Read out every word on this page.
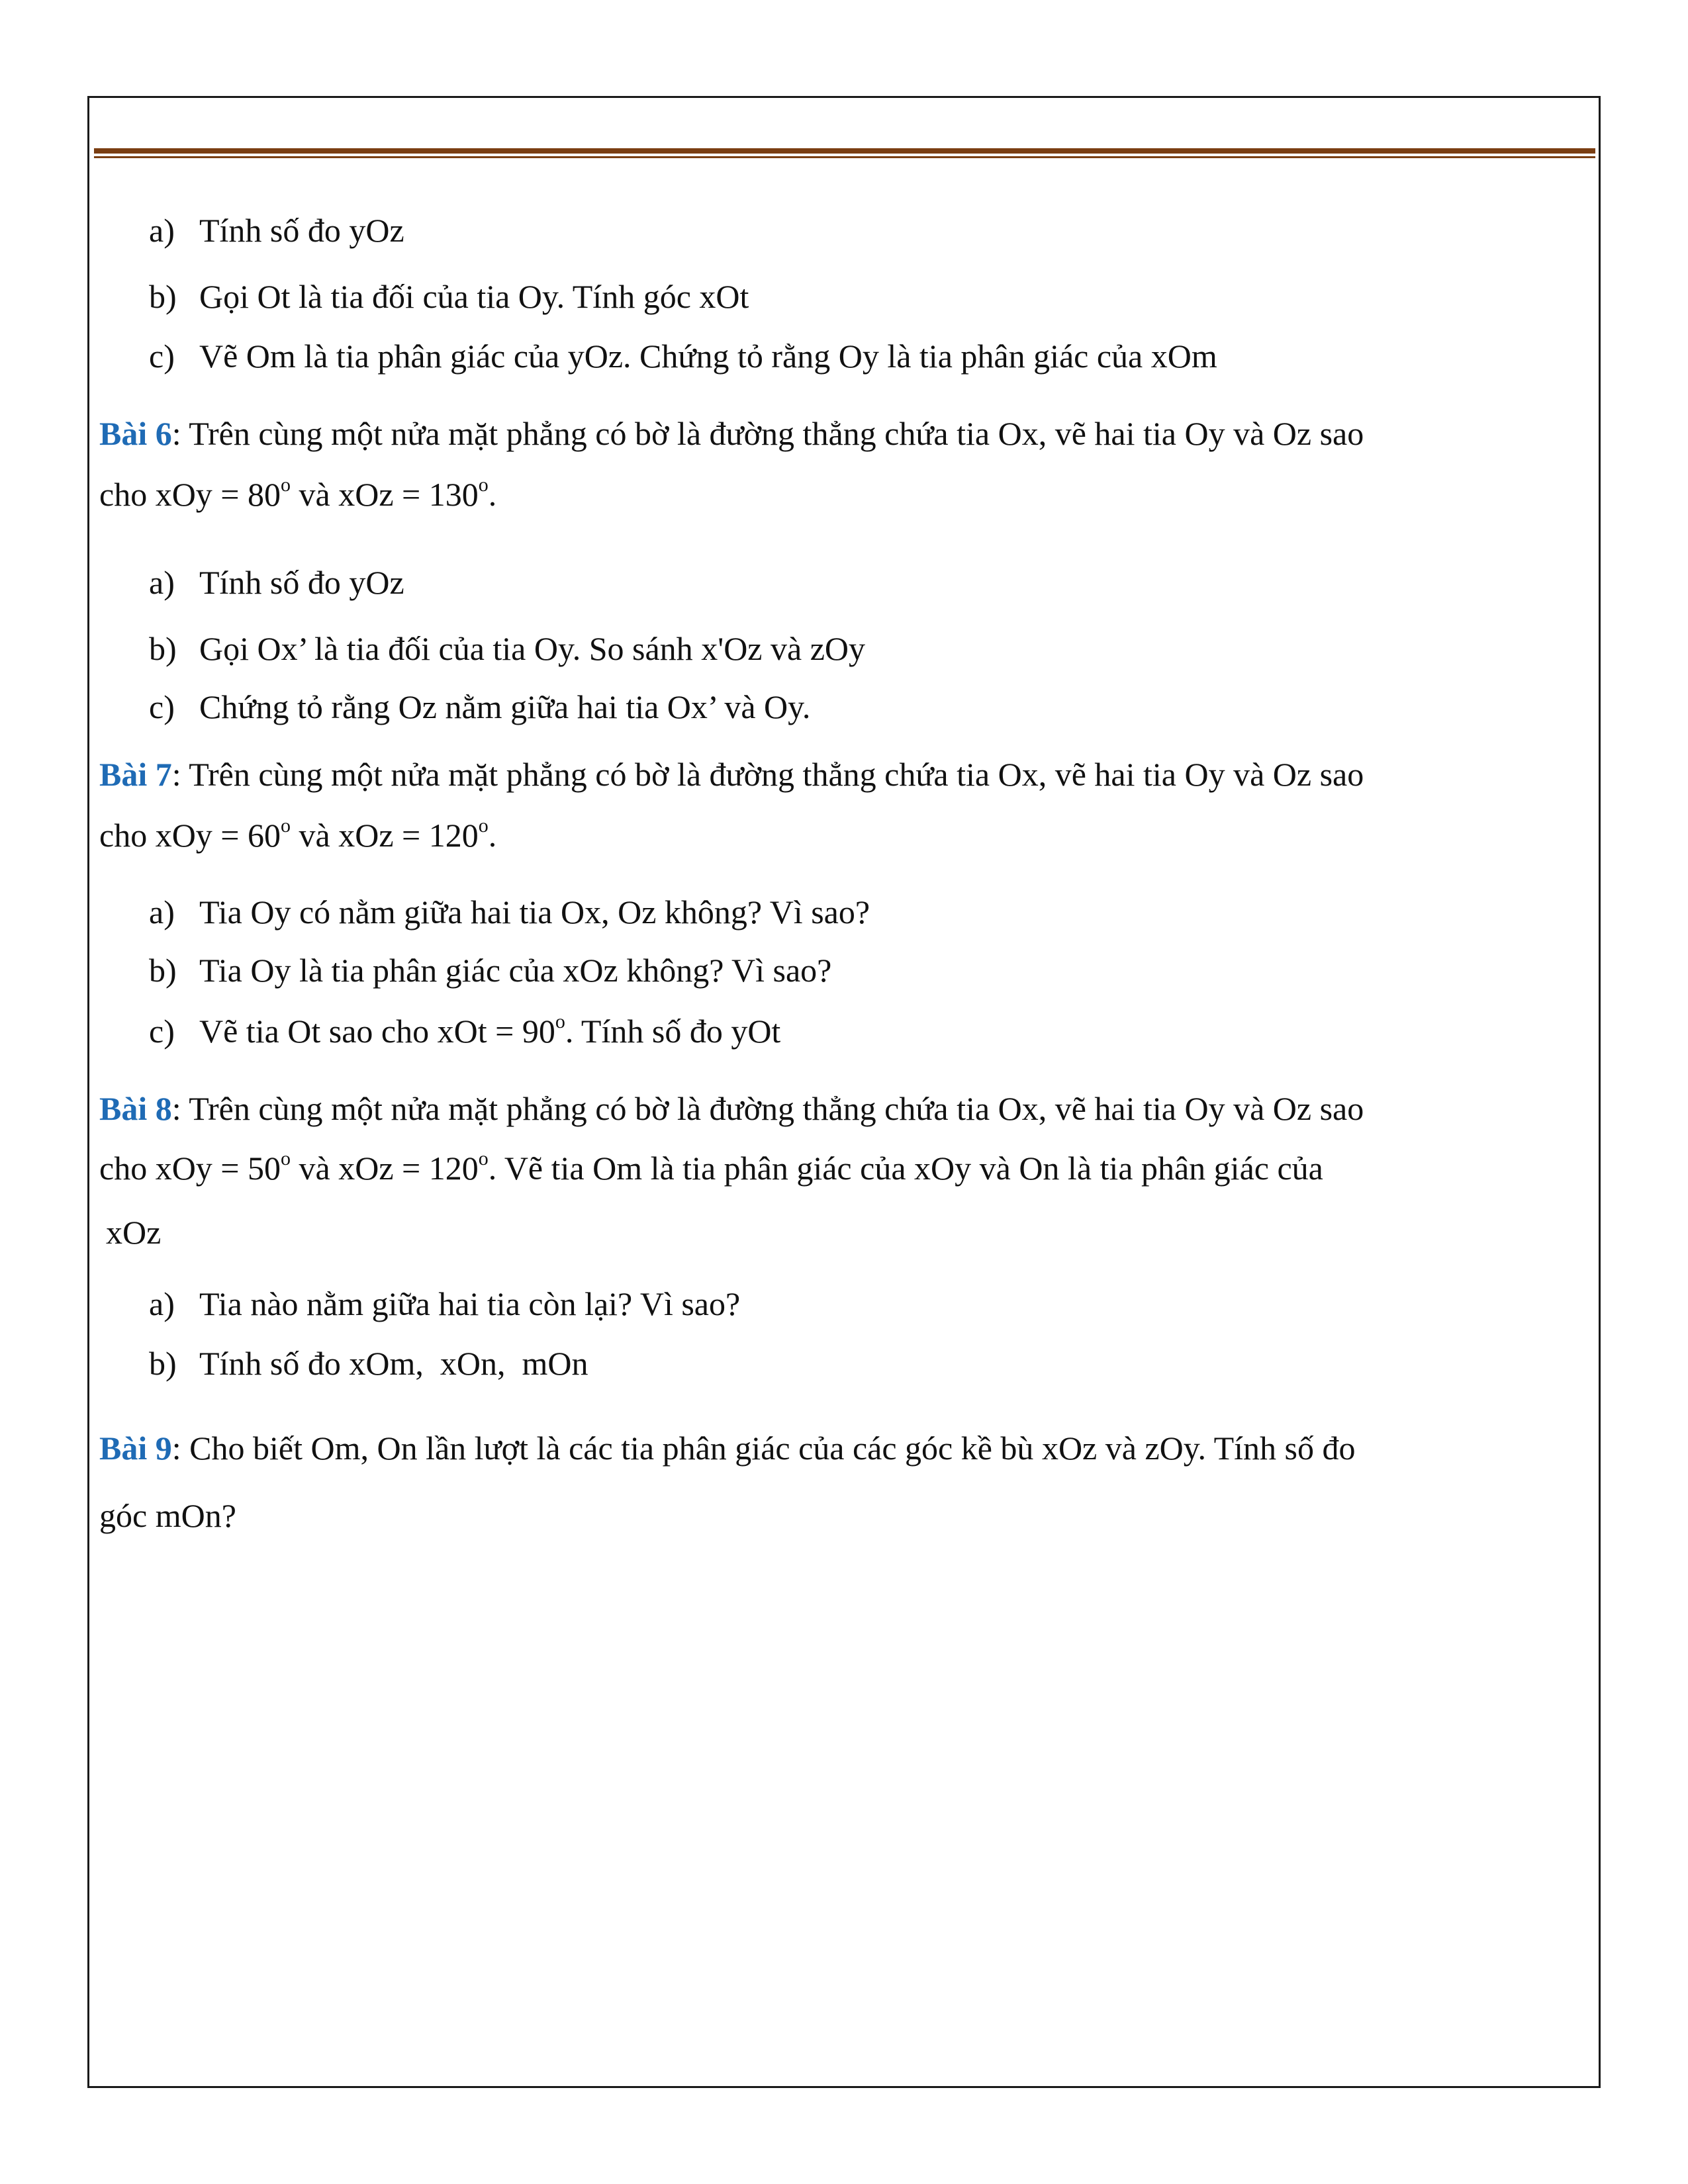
a) Tính số đo yOz
b) Gọi Ot là tia đối của tia Oy. Tính góc xOt
c) Vẽ Om là tia phân giác của yOz. Chứng tỏ rằng Oy là tia phân giác của xOm
Bài 6: Trên cùng một nửa mặt phẳng có bờ là đường thẳng chứa tia Ox, vẽ hai tia Oy và Oz sao
cho xOy = $80^o$ và xOz = $130^o$.
a) Tính số đo yOz
b) Gọi Ox’ là tia đối của tia Oy. So sánh x'Oz và zOy
c) Chứng tỏ rằng Oz nằm giữa hai tia Ox’ và Oy.
Bài 7: Trên cùng một nửa mặt phẳng có bờ là đường thẳng chứa tia Ox, vẽ hai tia Oy và Oz sao
cho xOy = $60^o$ và xOz = $120^o$.
a) Tia Oy có nằm giữa hai tia Ox, Oz không? Vì sao?
b) Tia Oy là tia phân giác của xOz không? Vì sao?
c) Vẽ tia Ot sao cho xOt = $90^o$. Tính số đo yOt
Bài 8: Trên cùng một nửa mặt phẳng có bờ là đường thẳng chứa tia Ox, vẽ hai tia Oy và Oz sao
cho xOy = $50^o$ và xOz = $120^o$. Vẽ tia Om là tia phân giác của xOy và On là tia phân giác của
xOz
a) Tia nào nằm giữa hai tia còn lại? Vì sao?
b) Tính số đo xOm,  xOn,  mOn
Bài 9: Cho biết Om, On lần lượt là các tia phân giác của các góc kề bù xOz và zOy. Tính số đo
góc mOn?
